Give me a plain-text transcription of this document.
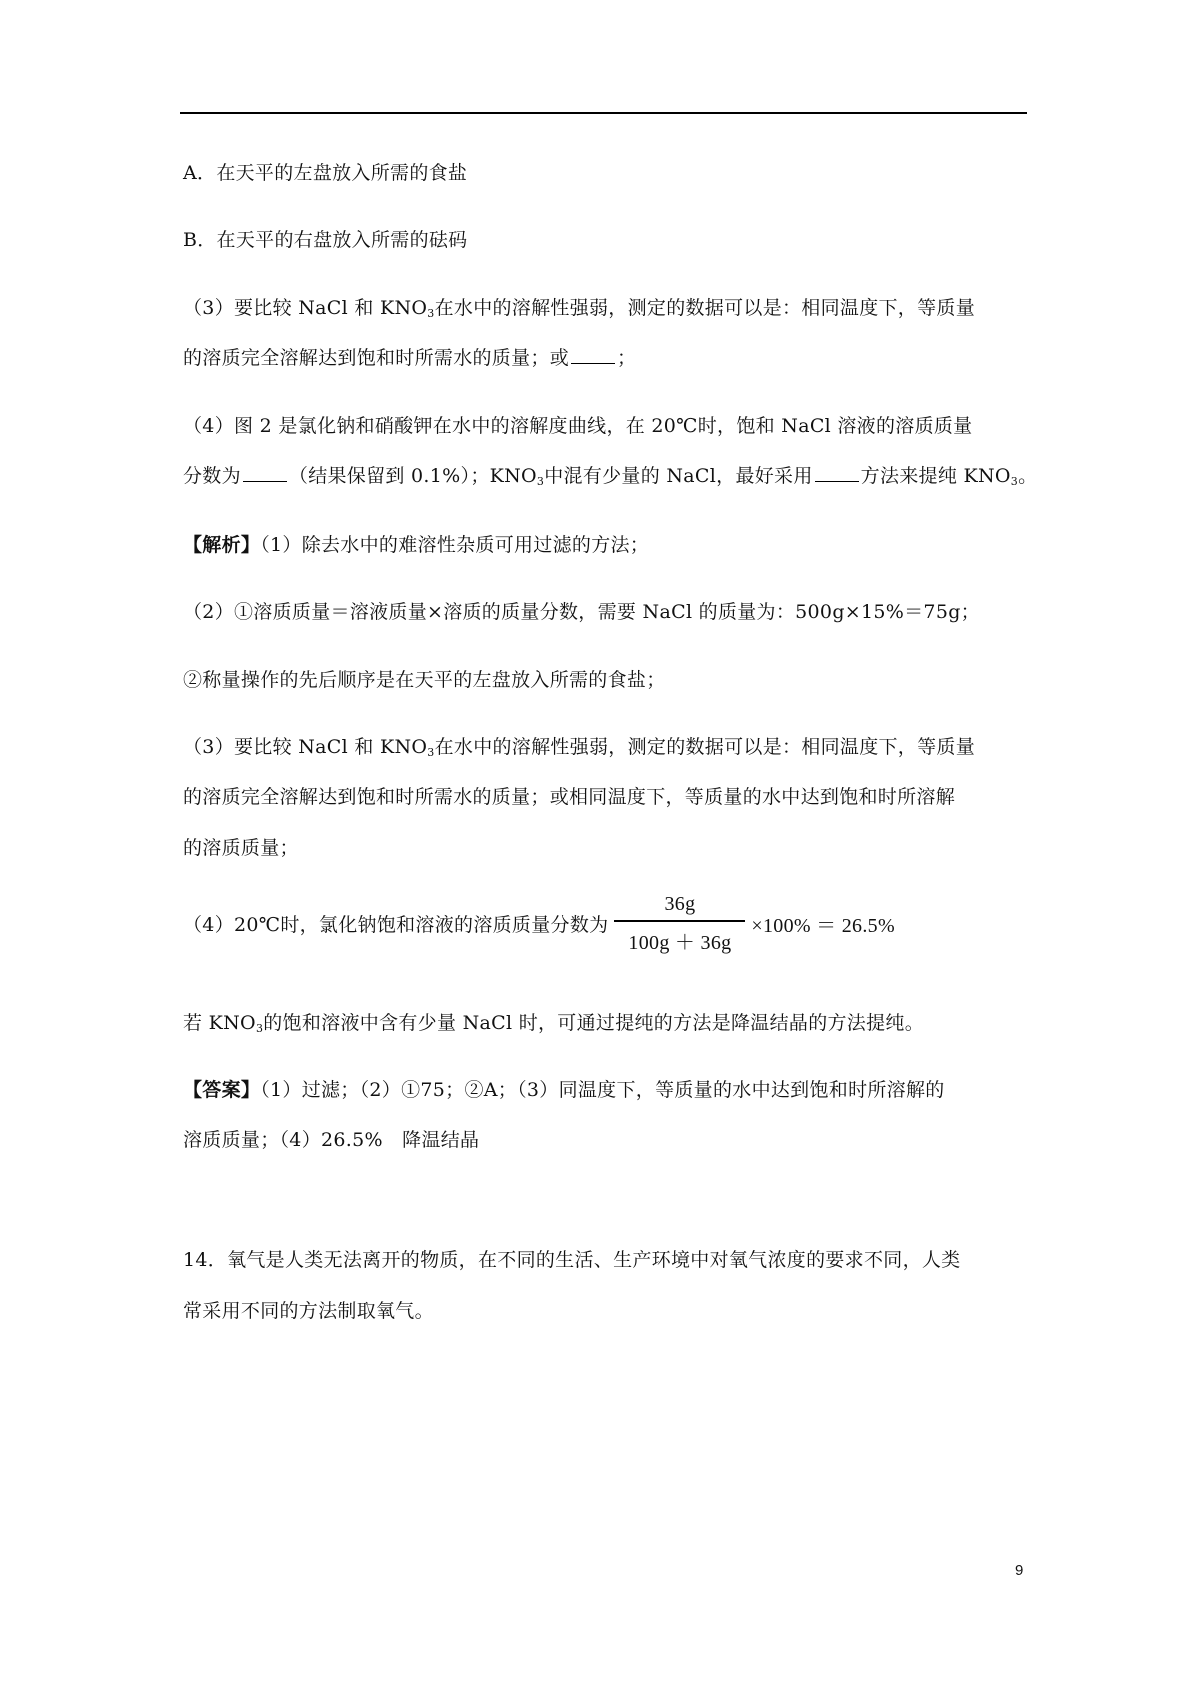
A．在天平的左盘放入所需的食盐
B．在天平的右盘放入所需的砝码
（3）要比较 NaCl 和 $KNO_3$在水中的溶解性强弱，测定的数据可以是：相同温度下，等质量
的溶质完全溶解达到饱和时所需水的质量；或	；
（4）图 2 是氯化钠和硝酸钾在水中的溶解度曲线，在 20℃时，饱和 NaCl 溶液的溶质质量
分数为	（结果保留到 0.1%）；$KNO_3$中混有少量的 NaCl，最好采用	方法来提纯 $KNO_3$。
【解析】（1）除去水中的难溶性杂质可用过滤的方法；
（2）①溶质质量＝溶液质量×溶质的质量分数，需要 NaCl 的质量为：500g×15%＝75g；
②称量操作的先后顺序是在天平的左盘放入所需的食盐；
（3）要比较 NaCl 和 $KNO_3$在水中的溶解性强弱，测定的数据可以是：相同温度下，等质量
的溶质完全溶解达到饱和时所需水的质量；或相同温度下，等质量的水中达到饱和时所溶解
的溶质质量；
（4）20℃时，氯化钠饱和溶液的溶质质量分数为 $\frac{36g}{100g + 36g} \times 100\% = 26.5\%$
若 $KNO_3$的饱和溶液中含有少量 NaCl 时，可通过提纯的方法是降温结晶的方法提纯。
【答案】（1）过滤；（2）①75；②A；（3）同温度下，等质量的水中达到饱和时所溶解的
溶质质量；（4）26.5%　降温结晶
14．氧气是人类无法离开的物质，在不同的生活、生产环境中对氧气浓度的要求不同，人类
常采用不同的方法制取氧气。
9
